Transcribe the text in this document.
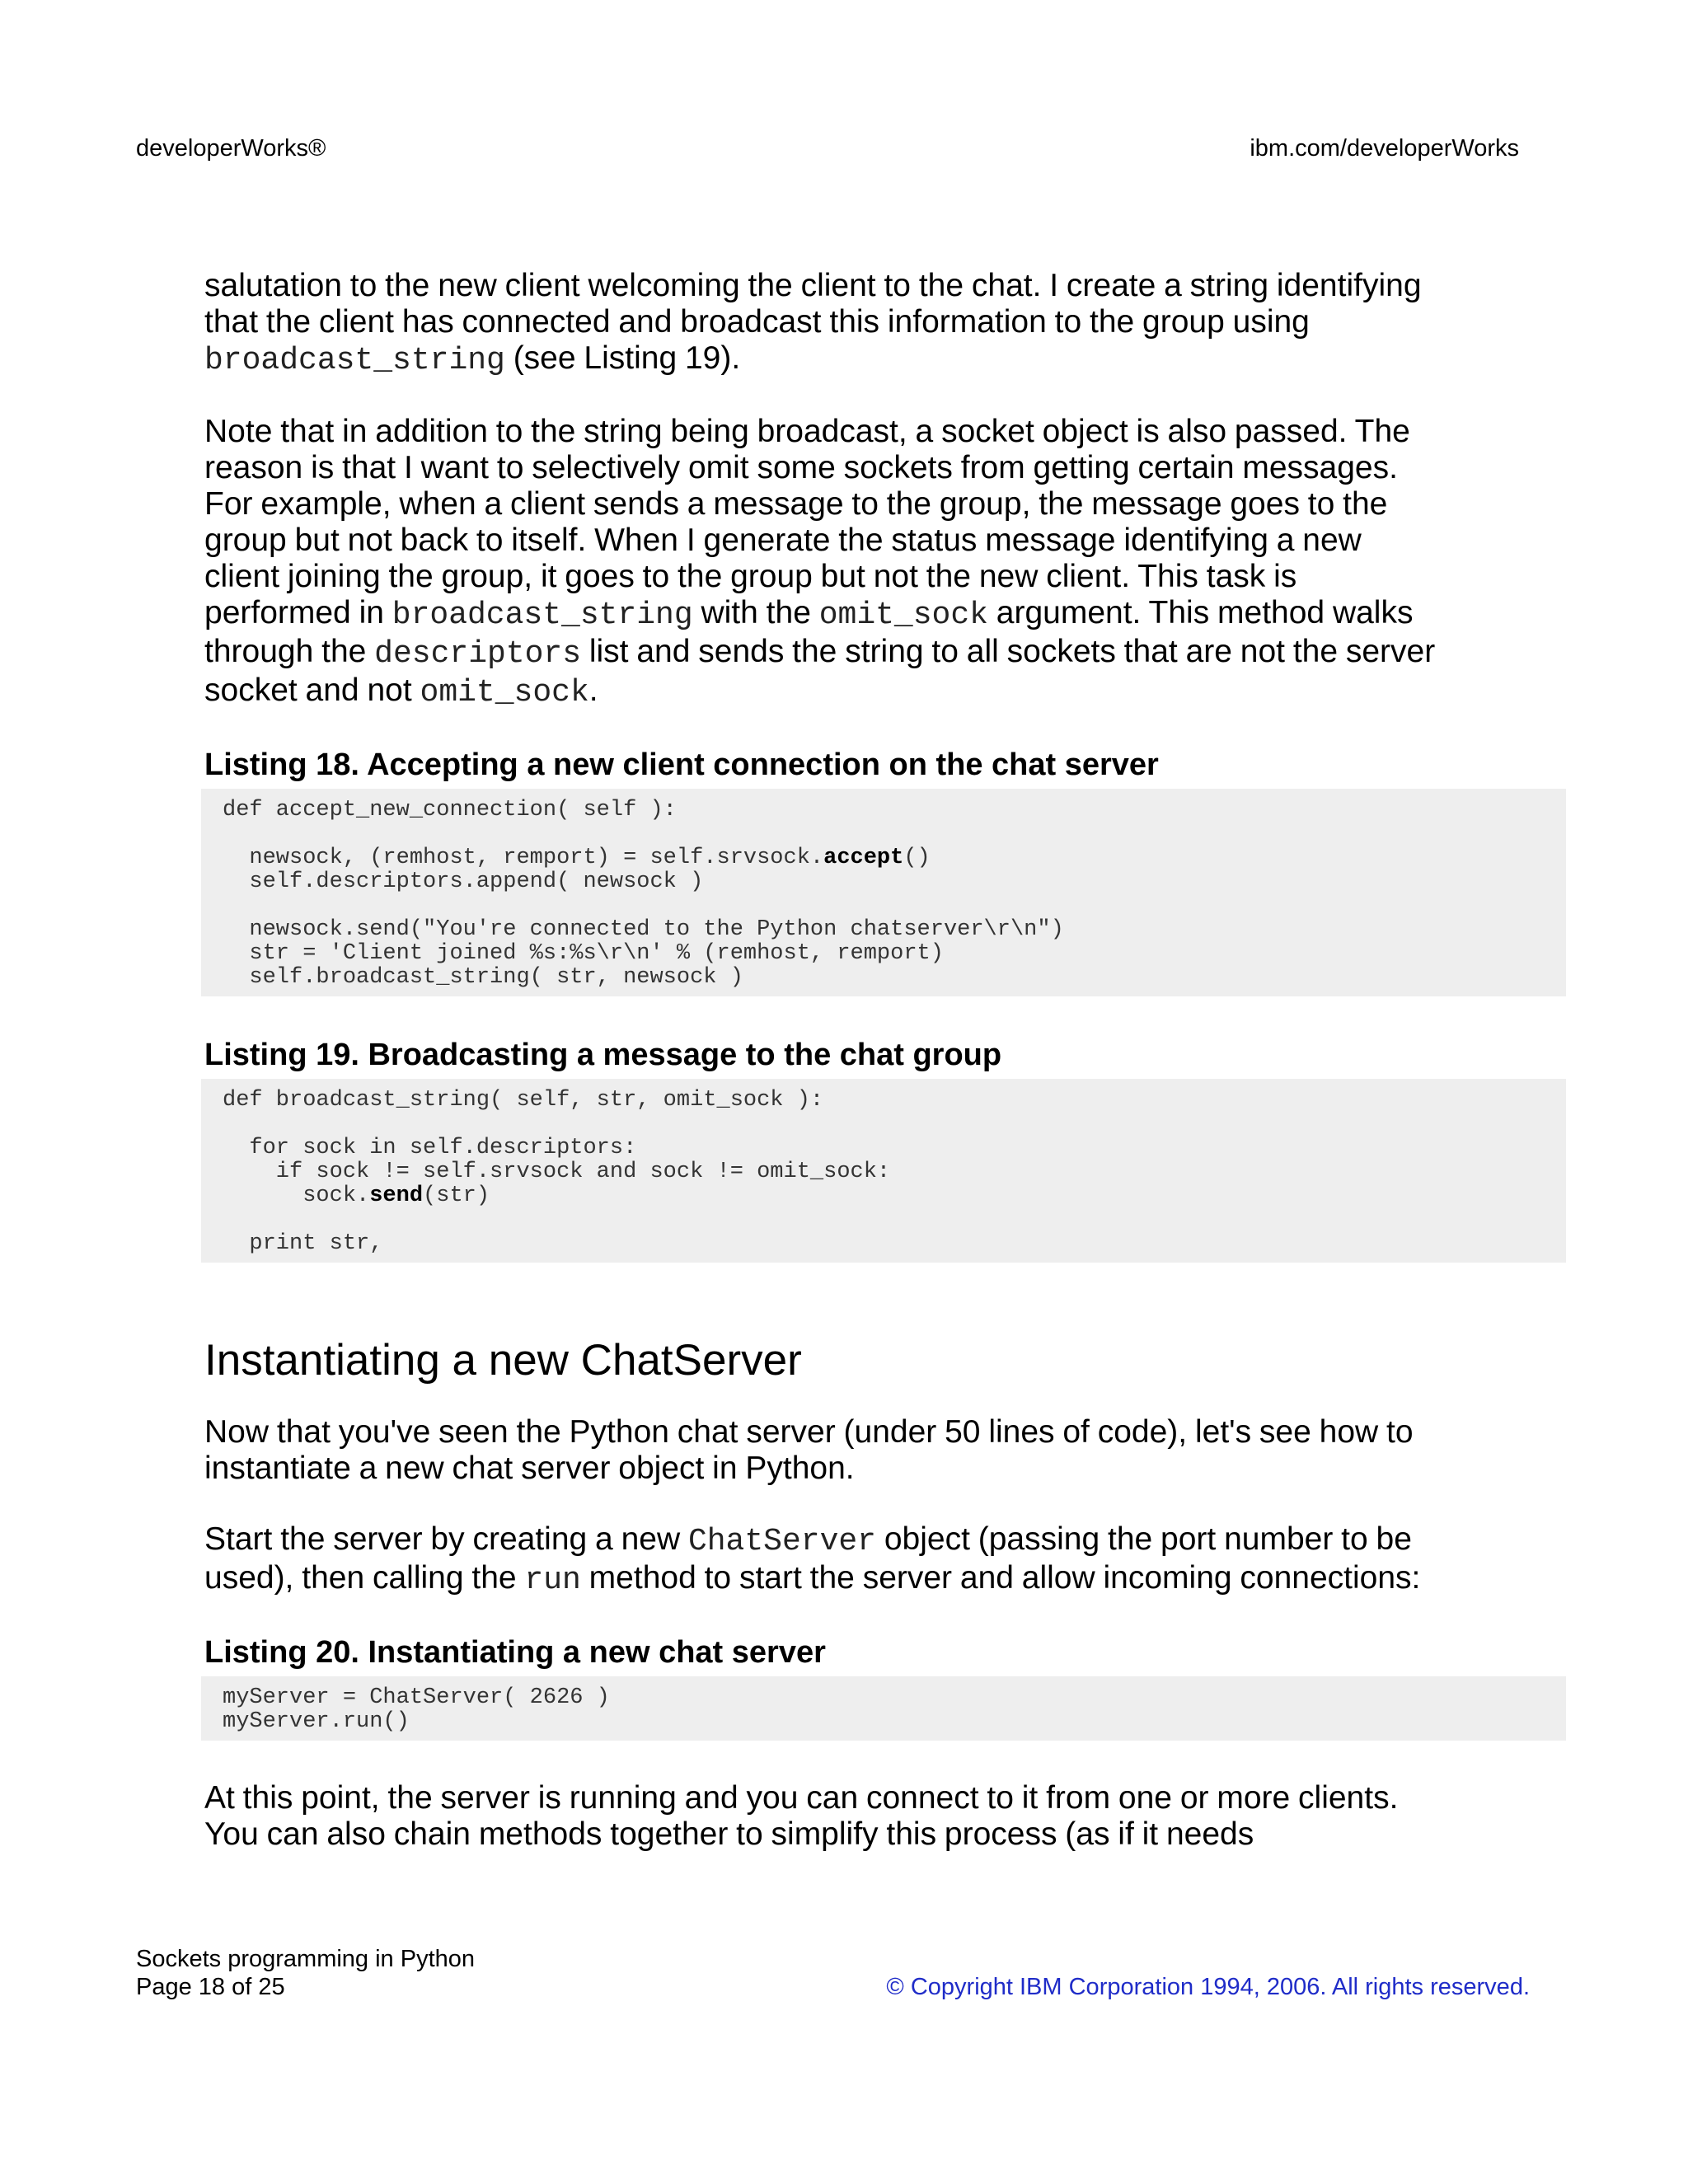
developerWorks®	ibm.com/developerWorks

salutation to the new client welcoming the client to the chat. I create a string identifying that the client has connected and broadcast this information to the group using broadcast_string (see Listing 19).

Note that in addition to the string being broadcast, a socket object is also passed. The reason is that I want to selectively omit some sockets from getting certain messages. For example, when a client sends a message to the group, the message goes to the group but not back to itself. When I generate the status message identifying a new client joining the group, it goes to the group but not the new client. This task is performed in broadcast_string with the omit_sock argument. This method walks through the descriptors list and sends the string to all sockets that are not the server socket and not omit_sock.

Listing 18. Accepting a new client connection on the chat server
def accept_new_connection( self ):

newsock, (remhost, remport) = self.srvsock.accept()
self.descriptors.append( newsock )

newsock.send("You're connected to the Python chatserver\r\n")
str = 'Client joined %s:%s\r\n' % (remhost, remport)
self.broadcast_string( str, newsock )
Listing 19. Broadcasting a message to the chat group
def broadcast_string( self, str, omit_sock ):

for sock in self.descriptors:
if sock != self.srvsock and sock != omit_sock:
sock.send(str)

print str,
Instantiating a new ChatServer

Now that you've seen the Python chat server (under 50 lines of code), let's see how to instantiate a new chat server object in Python.

Start the server by creating a new ChatServer object (passing the port number to be used), then calling the run method to start the server and allow incoming connections:

Listing 20. Instantiating a new chat server
myServer = ChatServer( 2626 )
myServer.run()

At this point, the server is running and you can connect to it from one or more clients. You can also chain methods together to simplify this process (as if it needs

Sockets programming in Python
Page 18 of 25	© Copyright IBM Corporation 1994, 2006. All rights reserved.
